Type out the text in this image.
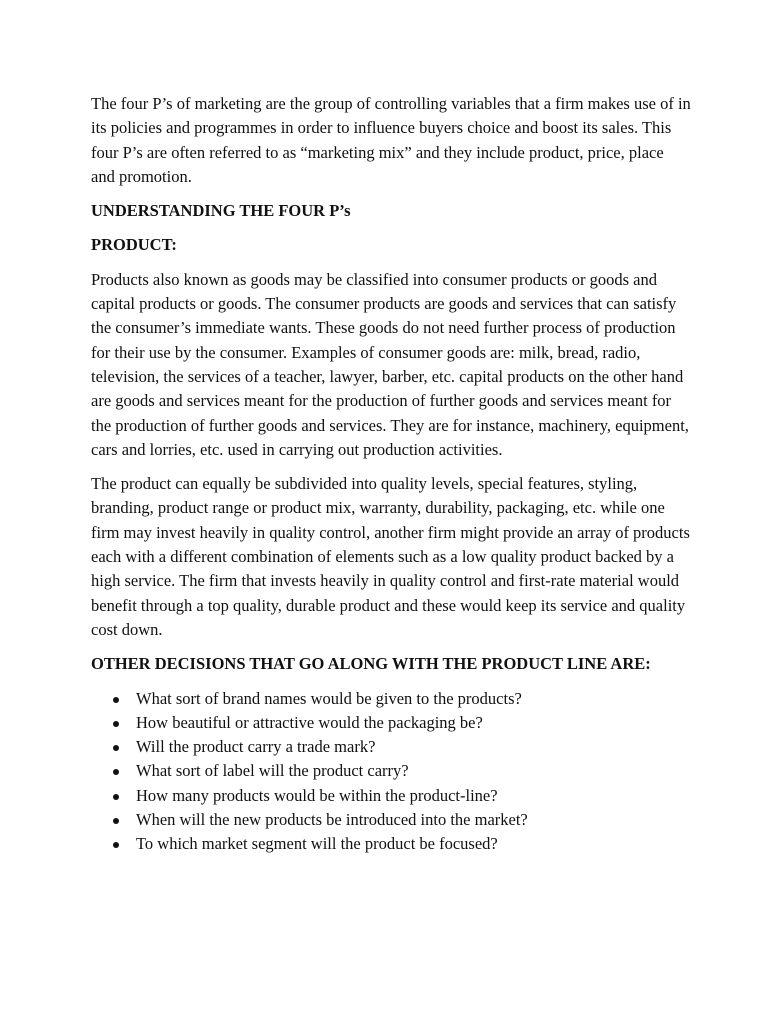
The four P’s of marketing are the group of controlling variables that a firm makes use of in its policies and programmes in order to influence buyers choice and boost its sales. This four P’s are often referred to as “marketing mix” and they include product, price, place and promotion.

UNDERSTANDING THE FOUR P’s

PRODUCT:

Products also known as goods may be classified into consumer products or goods and capital products or goods. The consumer products are goods and services that can satisfy the consumer’s immediate wants. These goods do not need further process of production for their use by the consumer. Examples of consumer goods are: milk, bread, radio, television, the services of a teacher, lawyer, barber, etc. capital products on the other hand are goods and services meant for the production of further goods and services meant for the production of further goods and services. They are for instance, machinery, equipment, cars and lorries, etc. used in carrying out production activities.

The product can equally be subdivided into quality levels, special features, styling, branding, product range or product mix, warranty, durability, packaging, etc. while one firm may invest heavily in quality control, another firm might provide an array of products each with a different combination of elements such as a low quality product backed by a high service. The firm that invests heavily in quality control and first-rate material would benefit through a top quality, durable product and these would keep its service and quality cost down.

OTHER DECISIONS THAT GO ALONG WITH THE PRODUCT LINE ARE:

What sort of brand names would be given to the products?
How beautiful or attractive would the packaging be?
Will the product carry a trade mark?
What sort of label will the product carry?
How many products would be within the product-line?
When will the new products be introduced into the market?
To which market segment will the product be focused?
